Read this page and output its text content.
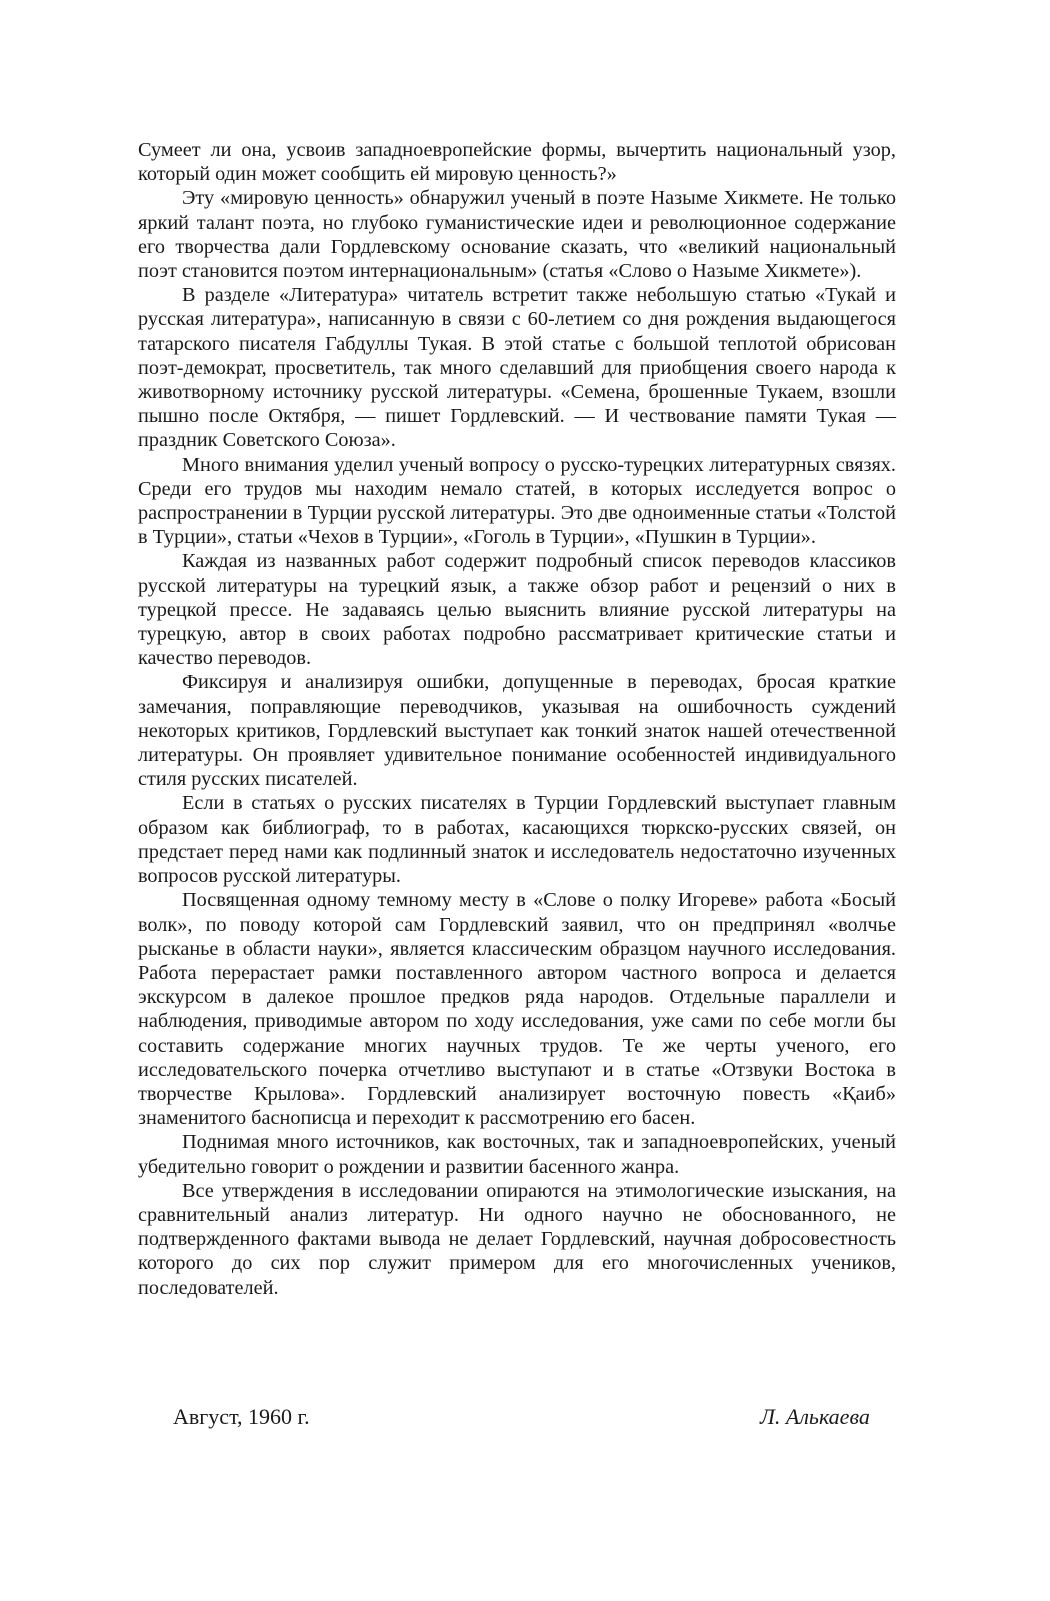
Сумеет ли она, усвоив западноевропейские формы, вычертить национальный узор, который один может сообщить ей мировую ценность?»

Эту «мировую ценность» обнаружил ученый в поэте Назыме Хикмете. Не только яркий талант поэта, но глубоко гуманистические идеи и революционное содержание его творчества дали Гордлевскому основание сказать, что «великий национальный поэт становится поэтом интернациональным» (статья «Слово о Назыме Хикмете»).

В разделе «Литература» читатель встретит также небольшую статью «Тукай и русская литература», написанную в связи с 60-летием со дня рождения выдающегося татарского писателя Габдуллы Тукая. В этой статье с большой теплотой обрисован поэт-демократ, просветитель, так много сделавший для приобщения своего народа к животворному источнику русской литературы. «Семена, брошенные Тукаем, взошли пышно после Октября, — пишет Гордлевский. — И чествование памяти Тукая — праздник Советского Союза».

Много внимания уделил ученый вопросу о русско-турецких литературных связях. Среди его трудов мы находим немало статей, в которых исследуется вопрос о распространении в Турции русской литературы. Это две одноименные статьи «Толстой в Турции», статьи «Чехов в Турции», «Гоголь в Турции», «Пушкин в Турции».

Каждая из названных работ содержит подробный список переводов классиков русской литературы на турецкий язык, а также обзор работ и рецензий о них в турецкой прессе. Не задаваясь целью выяснить влияние русской литературы на турецкую, автор в своих работах подробно рассматривает критические статьи и качество переводов.

Фиксируя и анализируя ошибки, допущенные в переводах, бросая краткие замечания, поправляющие переводчиков, указывая на ошибочность суждений некоторых критиков, Гордлевский выступает как тонкий знаток нашей отечественной литературы. Он проявляет удивительное понимание особенностей индивидуального стиля русских писателей.

Если в статьях о русских писателях в Турции Гордлевский выступает главным образом как библиограф, то в работах, касающихся тюркско-русских связей, он предстает перед нами как подлинный знаток и исследователь недостаточно изученных вопросов русской литературы.

Посвященная одному темному месту в «Слове о полку Игореве» работа «Босый волк», по поводу которой сам Гордлевский заявил, что он предпринял «волчье рысканье в области науки», является классическим образцом научного исследования. Работа перерастает рамки поставленного автором частного вопроса и делается экскурсом в далекое прошлое предков ряда народов. Отдельные параллели и наблюдения, приводимые автором по ходу исследования, уже сами по себе могли бы составить содержание многих научных трудов. Те же черты ученого, его исследовательского почерка отчетливо выступают и в статье «Отзвуки Востока в творчестве Крылова». Гордлевский анализирует восточную повесть «Қаиб» знаменитого баснописца и переходит к рассмотрению его басен.

Поднимая много источников, как восточных, так и западноевропейских, ученый убедительно говорит о рождении и развитии басенного жанра.

Все утверждения в исследовании опираются на этимологические изыскания, на сравнительный анализ литератур. Ни одного научно не обоснованного, не подтвержденного фактами вывода не делает Гордлевский, научная добросовестность которого до сих пор служит примером для его многочисленных учеников, последователей.

Август, 1960 г.	Л. Алькаева
